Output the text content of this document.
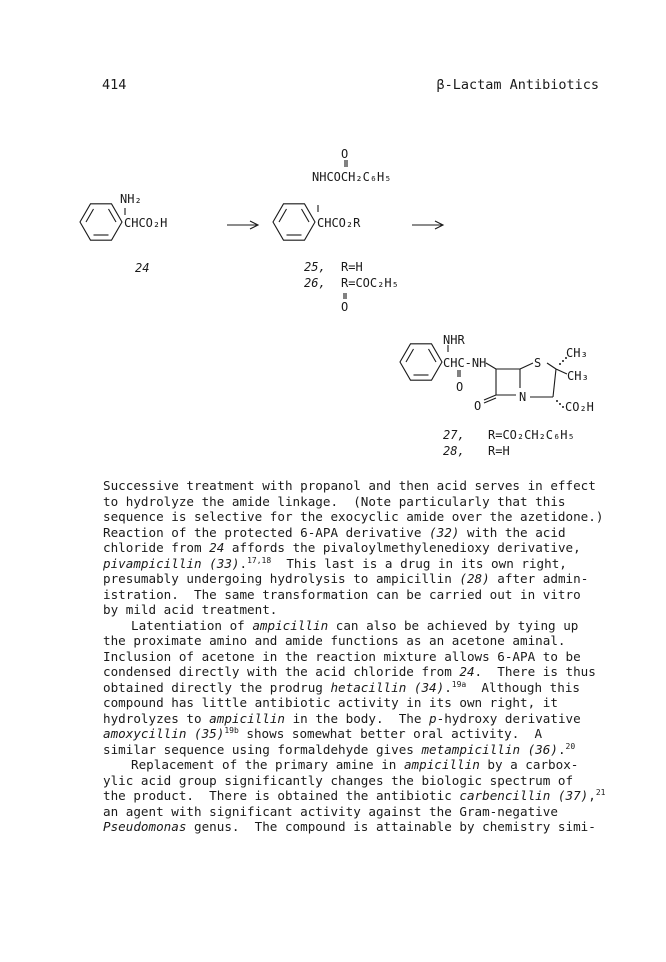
414	β-Lactam Antibiotics
NH₂
CHCO₂H
24
O
NHCOCH₂C₆H₅
CHCO₂R
25, R=H
26, R=COC₂H₅
O
NHR
CHC-NH
O
S
CH₃
CH₃
O
N
CO₂H
27, R=CO₂CH₂C₆H₅
28, R=H

Successive treatment with propanol and then acid serves in effect

to hydrolyze the amide linkage.  (Note particularly that this

sequence is selective for the exocyclic amide over the azetidone.)

Reaction of the protected 6-APA derivative (32) with the acid

chloride from 24 affords the pivaloylmethylenedioxy derivative,

pivampicillin (33).$^{17,18}$  This last is a drug in its own right,

presumably undergoing hydrolysis to ampicillin (28) after admin-

istration.  The same transformation can be carried out in vitro

by mild acid treatment.

Latentiation of ampicillin can also be achieved by tying up

the proximate amino and amide functions as an acetone aminal.

Inclusion of acetone in the reaction mixture allows 6-APA to be

condensed directly with the acid chloride from 24.  There is thus

obtained directly the prodrug hetacillin (34).$^{19a}$  Although this

compound has little antibiotic activity in its own right, it

hydrolyzes to ampicillin in the body.  The p-hydroxy derivative

amoxycillin $(35)^{19b}$ shows somewhat better oral activity.  A

similar sequence using formaldehyde gives metampicillin (36).$^{20}$

Replacement of the primary amine in ampicillin by a carbox-

ylic acid group significantly changes the biologic spectrum of

the product.  There is obtained the antibiotic carbencillin (37),$^{21}$

an agent with significant activity against the Gram-negative

Pseudomonas genus.  The compound is attainable by chemistry simi-
